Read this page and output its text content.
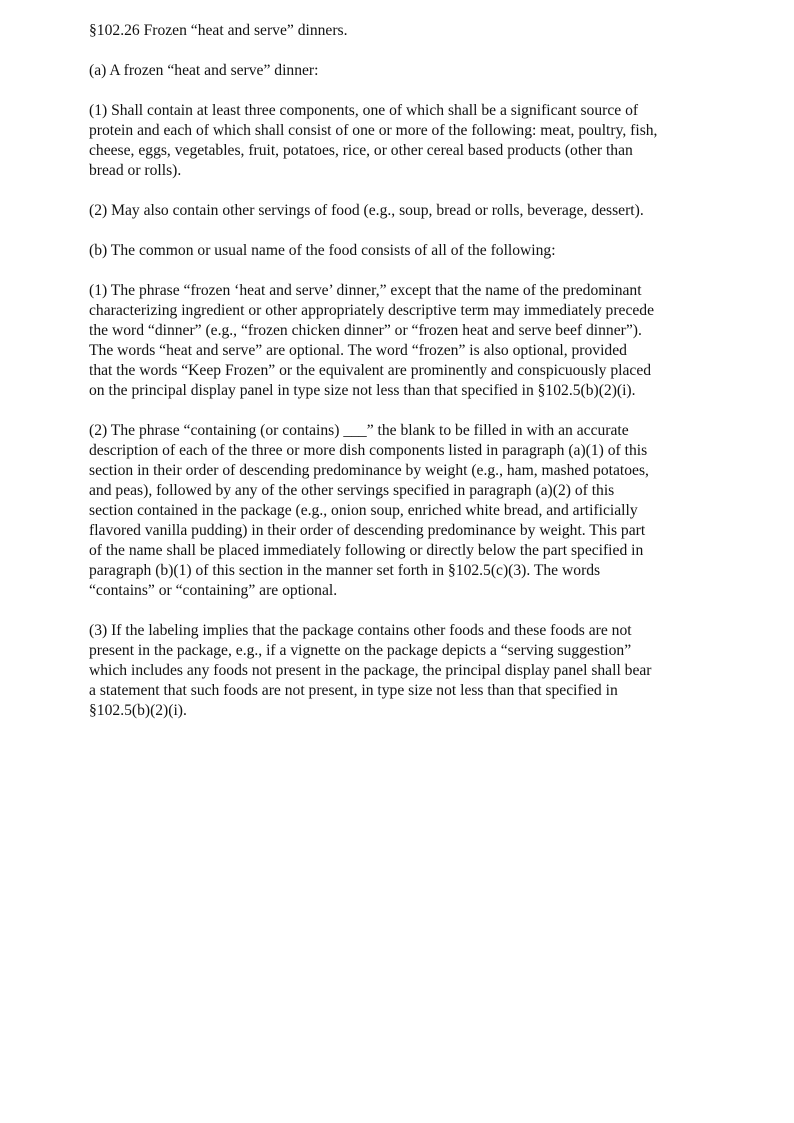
§102.26 Frozen “heat and serve” dinners.

(a) A frozen “heat and serve” dinner:

(1) Shall contain at least three components, one of which shall be a significant source of
protein and each of which shall consist of one or more of the following: meat, poultry, fish,
cheese, eggs, vegetables, fruit, potatoes, rice, or other cereal based products (other than
bread or rolls).

(2) May also contain other servings of food (e.g., soup, bread or rolls, beverage, dessert).

(b) The common or usual name of the food consists of all of the following:

(1) The phrase “frozen ‘heat and serve’ dinner,” except that the name of the predominant
characterizing ingredient or other appropriately descriptive term may immediately precede
the word “dinner” (e.g., “frozen chicken dinner” or “frozen heat and serve beef dinner”).
The words “heat and serve” are optional. The word “frozen” is also optional, provided
that the words “Keep Frozen” or the equivalent are prominently and conspicuously placed
on the principal display panel in type size not less than that specified in §102.5(b)(2)(i).

(2) The phrase “containing (or contains) ___” the blank to be filled in with an accurate
description of each of the three or more dish components listed in paragraph (a)(1) of this
section in their order of descending predominance by weight (e.g., ham, mashed potatoes,
and peas), followed by any of the other servings specified in paragraph (a)(2) of this
section contained in the package (e.g., onion soup, enriched white bread, and artificially
flavored vanilla pudding) in their order of descending predominance by weight. This part
of the name shall be placed immediately following or directly below the part specified in
paragraph (b)(1) of this section in the manner set forth in §102.5(c)(3). The words
“contains” or “containing” are optional.

(3) If the labeling implies that the package contains other foods and these foods are not
present in the package, e.g., if a vignette on the package depicts a “serving suggestion”
which includes any foods not present in the package, the principal display panel shall bear
a statement that such foods are not present, in type size not less than that specified in
§102.5(b)(2)(i).
